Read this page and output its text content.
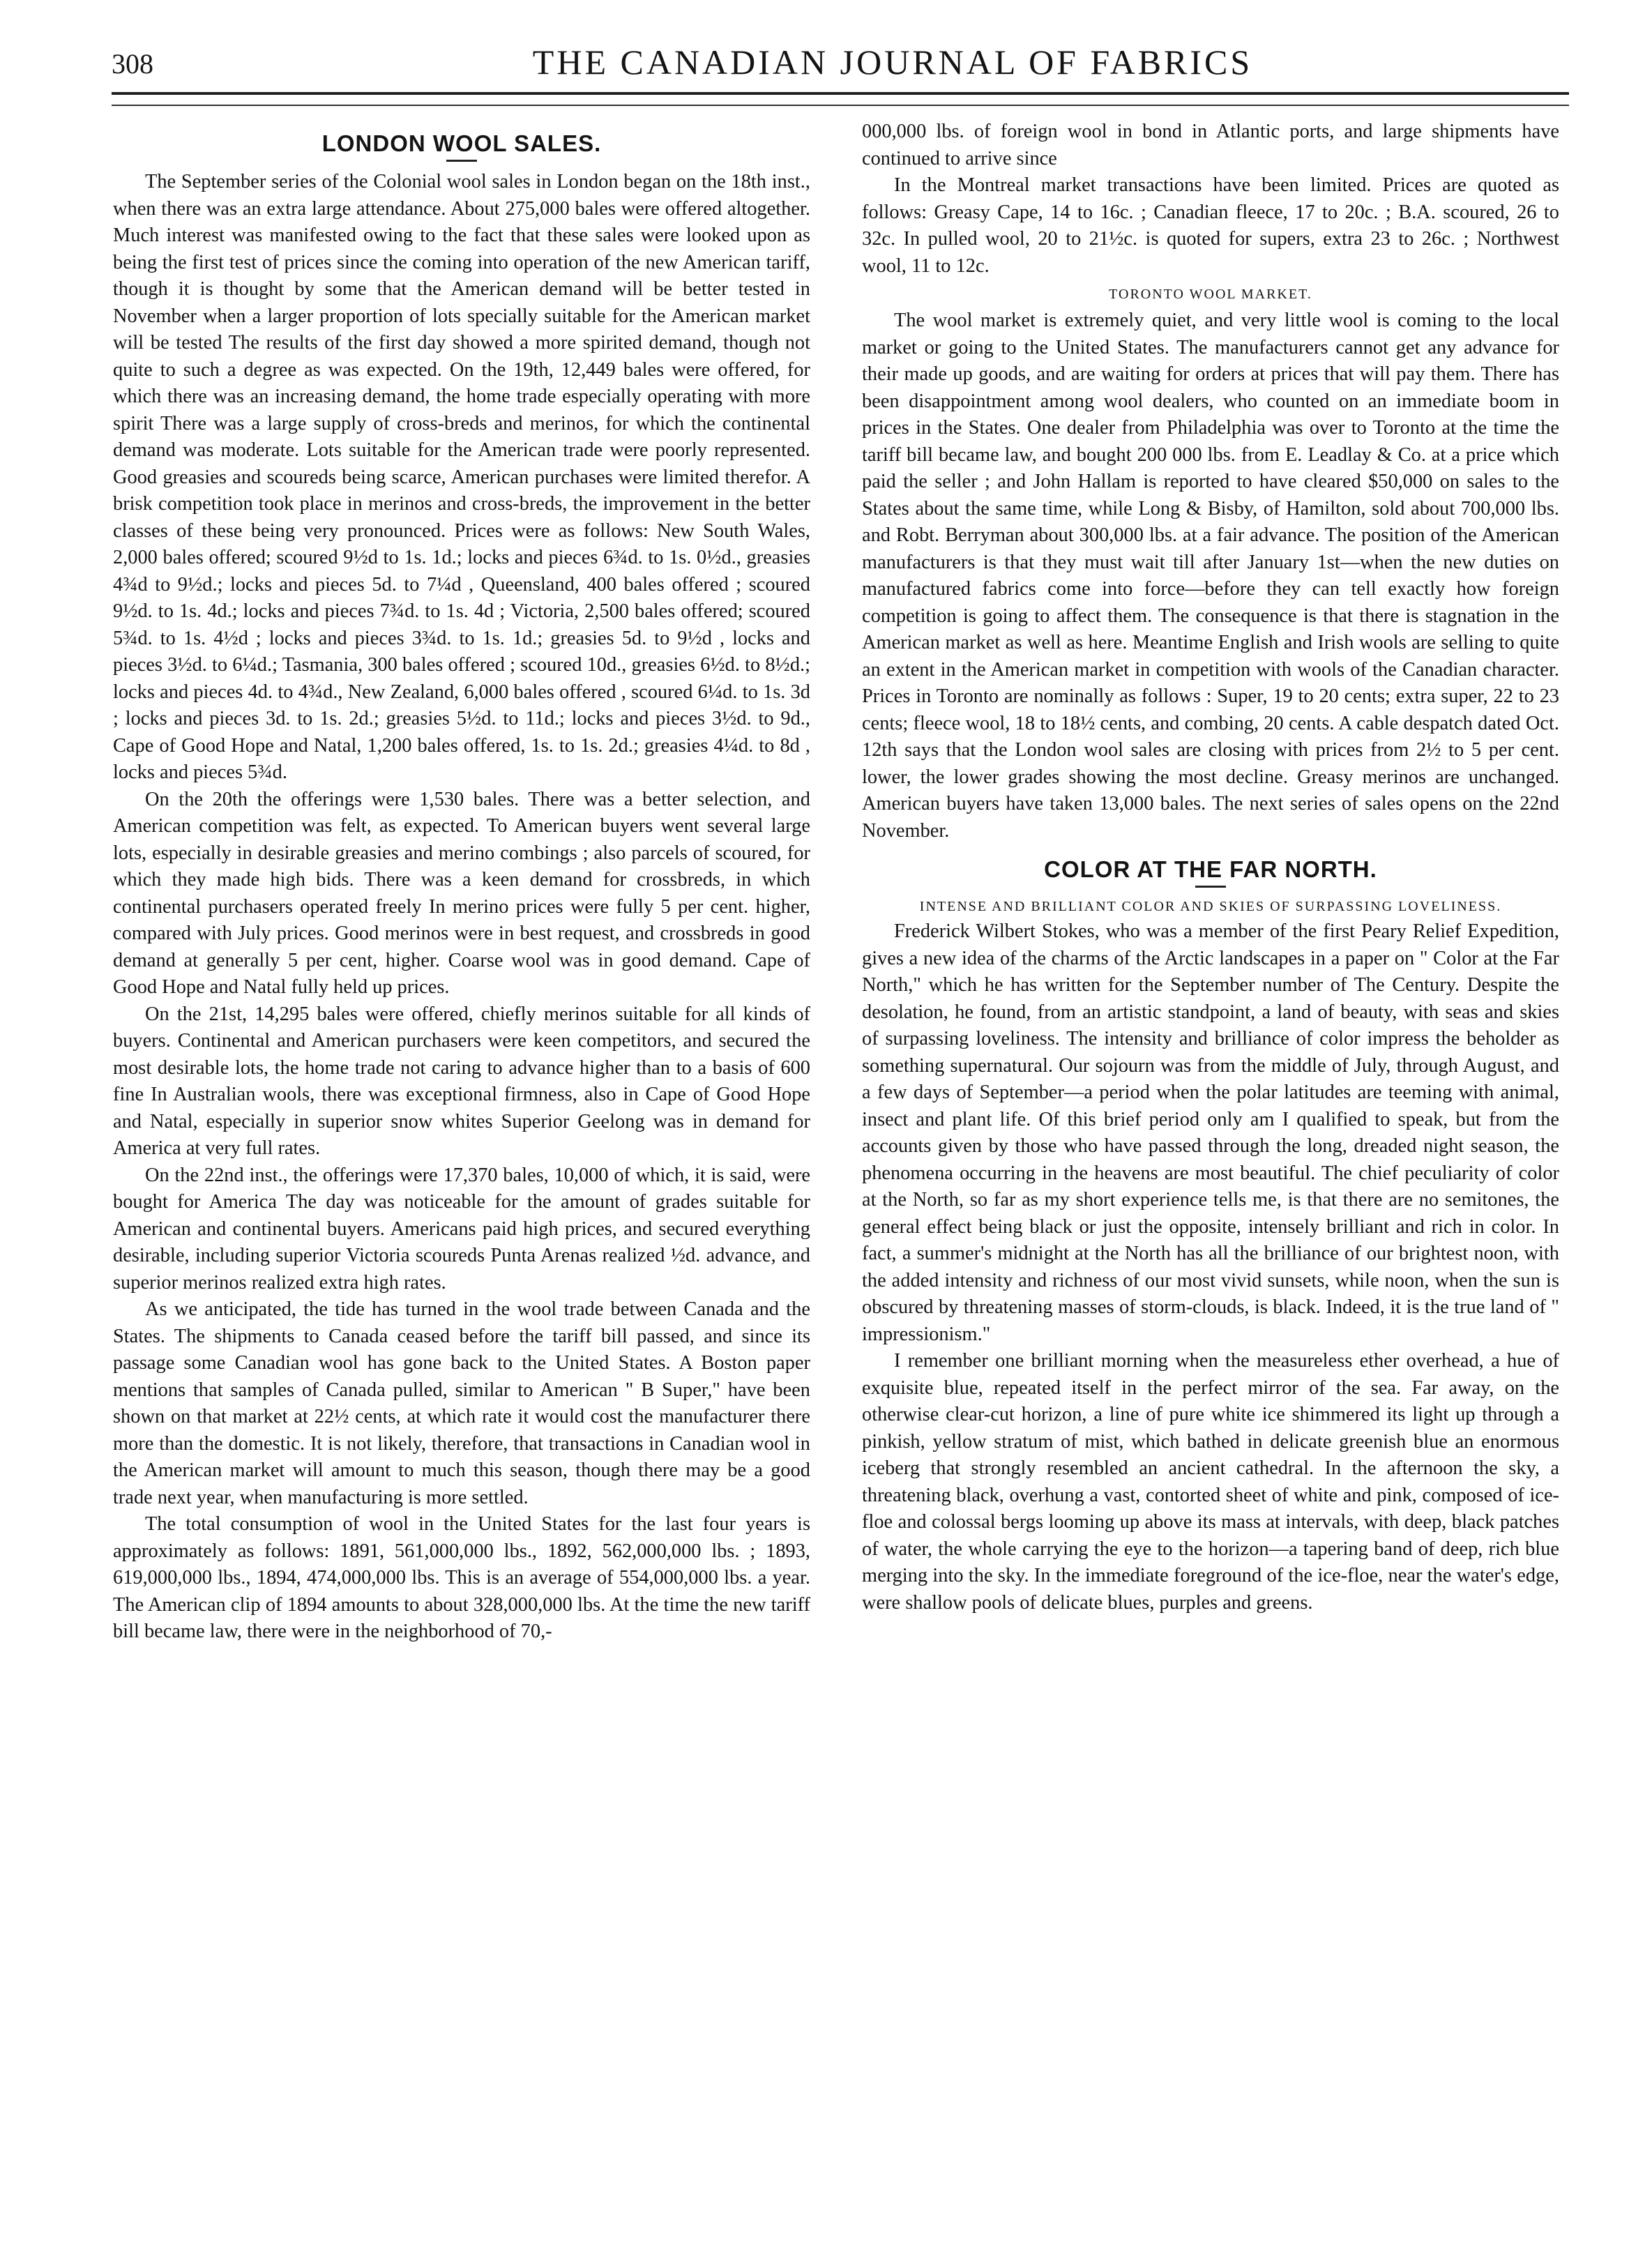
308	THE CANADIAN JOURNAL OF FABRICS
LONDON WOOL SALES.

The September series of the Colonial wool sales in London began on the 18th inst., when there was an extra large attendance. About 275,000 bales were offered altogether. Much interest was manifested owing to the fact that these sales were looked upon as being the first test of prices since the coming into operation of the new American tariff, though it is thought by some that the American demand will be better tested in November when a larger proportion of lots specially suitable for the American market will be tested The results of the first day showed a more spirited demand, though not quite to such a degree as was expected. On the 19th, 12,449 bales were offered, for which there was an increasing demand, the home trade especially operating with more spirit There was a large supply of cross-breds and merinos, for which the continental demand was moderate. Lots suitable for the American trade were poorly represented. Good greasies and scoureds being scarce, American purchases were limited therefor. A brisk competition took place in merinos and cross-breds, the improvement in the better classes of these being very pronounced. Prices were as follows: New South Wales, 2,000 bales offered; scoured 9½d to 1s. 1d.; locks and pieces 6¾d. to 1s. 0½d., greasies 4¾d to 9½d.; locks and pieces 5d. to 7¼d , Queensland, 400 bales offered ; scoured 9½d. to 1s. 4d.; locks and pieces 7¾d. to 1s. 4d ; Victoria, 2,500 bales offered; scoured 5¾d. to 1s. 4½d ; locks and pieces 3¾d. to 1s. 1d.; greasies 5d. to 9½d , locks and pieces 3½d. to 6¼d.; Tasmania, 300 bales offered ; scoured 10d., greasies 6½d. to 8½d.; locks and pieces 4d. to 4¾d., New Zealand, 6,000 bales offered , scoured 6¼d. to 1s. 3d ; locks and pieces 3d. to 1s. 2d.; greasies 5½d. to 11d.; locks and pieces 3½d. to 9d., Cape of Good Hope and Natal, 1,200 bales offered, 1s. to 1s. 2d.; greasies 4¼d. to 8d , locks and pieces 5¾d.

On the 20th the offerings were 1,530 bales. There was a better selection, and American competition was felt, as expected. To American buyers went several large lots, especially in desirable greasies and merino combings ; also parcels of scoured, for which they made high bids. There was a keen demand for crossbreds, in which continental purchasers operated freely In merino prices were fully 5 per cent. higher, compared with July prices. Good merinos were in best request, and crossbreds in good demand at generally 5 per cent, higher. Coarse wool was in good demand. Cape of Good Hope and Natal fully held up prices.

On the 21st, 14,295 bales were offered, chiefly merinos suitable for all kinds of buyers. Continental and American purchasers were keen competitors, and secured the most desirable lots, the home trade not caring to advance higher than to a basis of 600 fine In Australian wools, there was exceptional firmness, also in Cape of Good Hope and Natal, especially in superior snow whites Superior Geelong was in demand for America at very full rates.

On the 22nd inst., the offerings were 17,370 bales, 10,000 of which, it is said, were bought for America The day was noticeable for the amount of grades suitable for American and continental buyers. Americans paid high prices, and secured everything desirable, including superior Victoria scoureds Punta Arenas realized ½d. advance, and superior merinos realized extra high rates.

As we anticipated, the tide has turned in the wool trade between Canada and the States. The shipments to Canada ceased before the tariff bill passed, and since its passage some Canadian wool has gone back to the United States. A Boston paper mentions that samples of Canada pulled, similar to American " B Super," have been shown on that market at 22½ cents, at which rate it would cost the manufacturer there more than the domestic. It is not likely, therefore, that transactions in Canadian wool in the American market will amount to much this season, though there may be a good trade next year, when manufacturing is more settled.

The total consumption of wool in the United States for the last four years is approximately as follows: 1891, 561,000,000 lbs., 1892, 562,000,000 lbs. ; 1893, 619,000,000 lbs., 1894, 474,000,000 lbs. This is an average of 554,000,000 lbs. a year. The American clip of 1894 amounts to about 328,000,000 lbs. At the time the new tariff bill became law, there were in the neighborhood of 70,-

000,000 lbs. of foreign wool in bond in Atlantic ports, and large shipments have continued to arrive since

In the Montreal market transactions have been limited. Prices are quoted as follows: Greasy Cape, 14 to 16c. ; Canadian fleece, 17 to 20c. ; B.A. scoured, 26 to 32c. In pulled wool, 20 to 21½c. is quoted for supers, extra 23 to 26c. ; Northwest wool, 11 to 12c.

TORONTO WOOL MARKET.

The wool market is extremely quiet, and very little wool is coming to the local market or going to the United States. The manufacturers cannot get any advance for their made up goods, and are waiting for orders at prices that will pay them. There has been disappointment among wool dealers, who counted on an immediate boom in prices in the States. One dealer from Philadelphia was over to Toronto at the time the tariff bill became law, and bought 200 000 lbs. from E. Leadlay & Co. at a price which paid the seller ; and John Hallam is reported to have cleared $50,000 on sales to the States about the same time, while Long & Bisby, of Hamilton, sold about 700,000 lbs. and Robt. Berryman about 300,000 lbs. at a fair advance. The position of the American manufacturers is that they must wait till after January 1st—when the new duties on manufactured fabrics come into force—before they can tell exactly how foreign competition is going to affect them. The consequence is that there is stagnation in the American market as well as here. Meantime English and Irish wools are selling to quite an extent in the American market in competition with wools of the Canadian character. Prices in Toronto are nominally as follows : Super, 19 to 20 cents; extra super, 22 to 23 cents; fleece wool, 18 to 18½ cents, and combing, 20 cents. A cable despatch dated Oct. 12th says that the London wool sales are closing with prices from 2½ to 5 per cent. lower, the lower grades showing the most decline. Greasy merinos are unchanged. American buyers have taken 13,000 bales. The next series of sales opens on the 22nd November.

COLOR AT THE FAR NORTH.
INTENSE AND BRILLIANT COLOR AND SKIES OF SURPASSING LOVELINESS.

Frederick Wilbert Stokes, who was a member of the first Peary Relief Expedition, gives a new idea of the charms of the Arctic landscapes in a paper on " Color at the Far North," which he has written for the September number of The Century. Despite the desolation, he found, from an artistic standpoint, a land of beauty, with seas and skies of surpassing loveliness. The intensity and brilliance of color impress the beholder as something supernatural. Our sojourn was from the middle of July, through August, and a few days of September—a period when the polar latitudes are teeming with animal, insect and plant life. Of this brief period only am I qualified to speak, but from the accounts given by those who have passed through the long, dreaded night season, the phenomena occurring in the heavens are most beautiful. The chief peculiarity of color at the North, so far as my short experience tells me, is that there are no semitones, the general effect being black or just the opposite, intensely brilliant and rich in color. In fact, a summer's midnight at the North has all the brilliance of our brightest noon, with the added intensity and richness of our most vivid sunsets, while noon, when the sun is obscured by threatening masses of storm-clouds, is black. Indeed, it is the true land of " impressionism."

I remember one brilliant morning when the measureless ether overhead, a hue of exquisite blue, repeated itself in the perfect mirror of the sea. Far away, on the otherwise clear-cut horizon, a line of pure white ice shimmered its light up through a pinkish, yellow stratum of mist, which bathed in delicate greenish blue an enormous iceberg that strongly resembled an ancient cathedral. In the afternoon the sky, a threatening black, overhung a vast, contorted sheet of white and pink, composed of ice-floe and colossal bergs looming up above its mass at intervals, with deep, black patches of water, the whole carrying the eye to the horizon—a tapering band of deep, rich blue merging into the sky. In the immediate foreground of the ice-floe, near the water's edge, were shallow pools of delicate blues, purples and greens.
